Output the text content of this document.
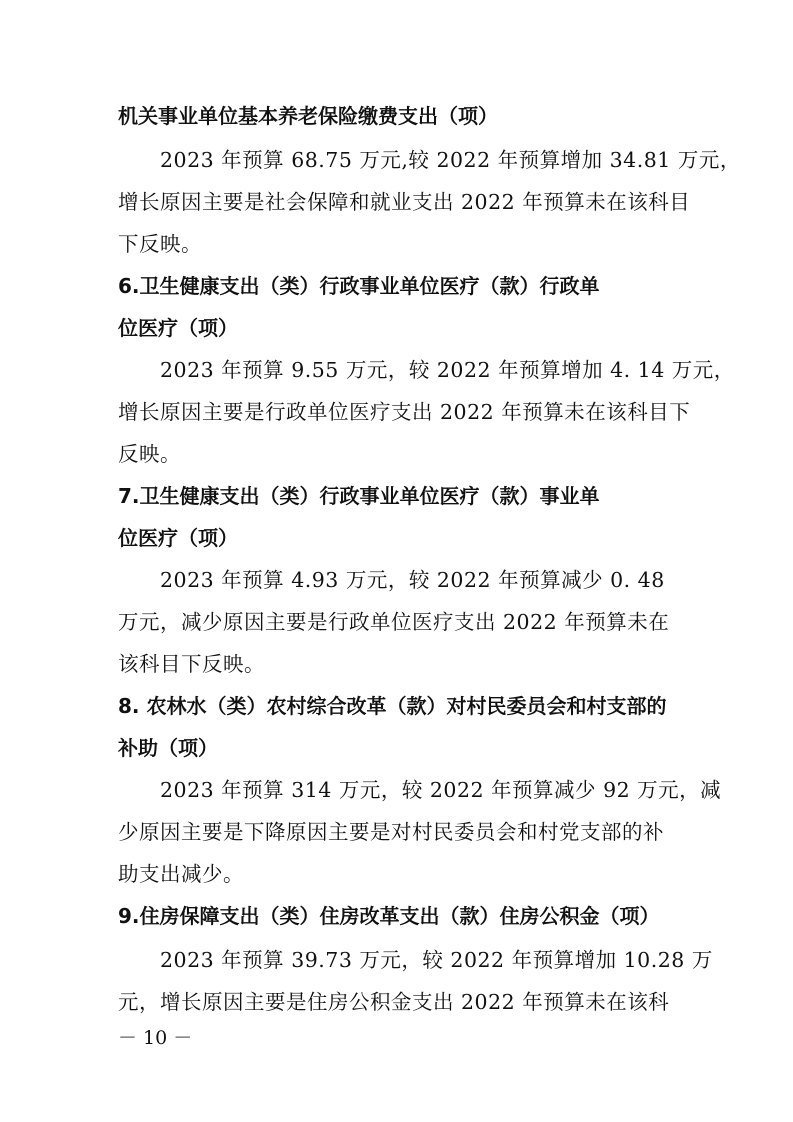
机关事业单位基本养老保险缴费支出（项）
2023 年预算 68.75 万元,较 2022 年预算增加 34.81 万元，
增长原因主要是社会保障和就业支出 2022 年预算未在该科目
下反映。
6.卫生健康支出（类）行政事业单位医疗（款）行政单
位医疗（项）
2023 年预算 9.55 万元，较 2022 年预算增加 4. 14 万元，
增长原因主要是行政单位医疗支出 2022 年预算未在该科目下
反映。
7.卫生健康支出（类）行政事业单位医疗（款）事业单
位医疗（项）
2023 年预算 4.93 万元，较 2022 年预算减少 0. 48
万元，减少原因主要是行政单位医疗支出 2022 年预算未在
该科目下反映。
8. 农林水（类）农村综合改革（款）对村民委员会和村支部的
补助（项）
2023 年预算 314 万元，较 2022 年预算减少 92 万元，减
少原因主要是下降原因主要是对村民委员会和村党支部的补
助支出减少。
9.住房保障支出（类）住房改革支出（款）住房公积金（项）
2023 年预算 39.73 万元，较 2022 年预算增加 10.28 万
元，增长原因主要是住房公积金支出 2022 年预算未在该科
－ 10 －
